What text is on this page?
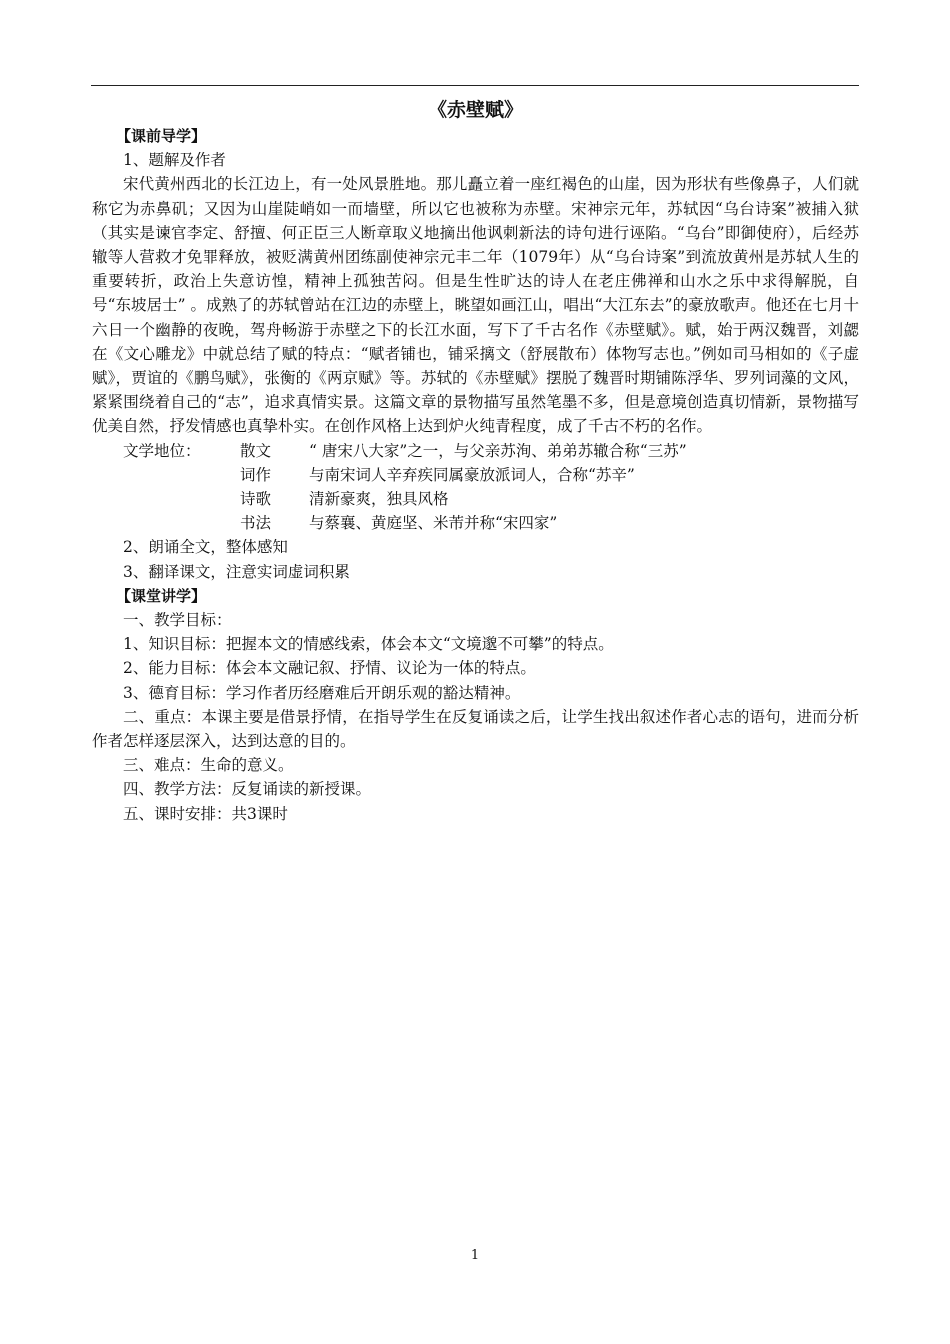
《赤壁赋》
【课前导学】
1、题解及作者
宋代黄州西北的长江边上，有一处风景胜地。那儿矗立着一座红褐色的山崖，因为形状有些像鼻子，人们就称它为赤鼻矶；又因为山崖陡峭如一而墙壁，所以它也被称为赤壁。宋神宗元年，苏轼因“乌台诗案”被捕入狱（其实是谏官李定、舒擅、何正臣三人断章取义地摘出他讽刺新法的诗句进行诬陷。“乌台”即御使府），后经苏辙等人营救才免罪释放，被贬满黄州团练副使神宗元丰二年（1079年）从“乌台诗案”到流放黄州是苏轼人生的重要转折，政治上失意访惶，精神上孤独苦闷。但是生性旷达的诗人在老庄佛禅和山水之乐中求得解脱，自号“东坡居士” 。成熟了的苏轼曾站在江边的赤壁上，眺望如画江山，唱出“大江东去”的豪放歌声。他还在七月十六日一个幽静的夜晚，驾舟畅游于赤壁之下的长江水面，写下了千古名作《赤壁赋》。赋，始于两汉魏晋，刘勰在《文心雕龙》中就总结了赋的特点：“赋者铺也，铺采摛文（舒展散布）体物写志也。”例如司马相如的《子虚赋》，贾谊的《鹏鸟赋》，张衡的《两京赋》等。苏轼的《赤壁赋》摆脱了魏晋时期铺陈浮华、罗列词藻的文风，紧紧围绕着自己的“志”，追求真情实景。这篇文章的景物描写虽然笔墨不多，但是意境创造真切情新，景物描写优美自然，抒发情感也真挚朴实。在创作风格上达到炉火纯青程度，成了千古不朽的名作。
文学地位：	散文	“ 唐宋八大家”之一，与父亲苏洵、弟弟苏辙合称“三苏”
词作	与南宋词人辛弃疾同属豪放派词人，合称“苏辛”
诗歌	清新豪爽，独具风格
书法	与蔡襄、黄庭坚、米芾并称“宋四家”
2、朗诵全文，整体感知
3、翻译课文，注意实词虚词积累
【课堂讲学】
一、教学目标：
1、知识目标：把握本文的情感线索，体会本文“文境邈不可攀”的特点。
2、能力目标：体会本文融记叙、抒情、议论为一体的特点。
3、德育目标：学习作者历经磨难后开朗乐观的豁达精神。
二、重点：本课主要是借景抒情，在指导学生在反复诵读之后，让学生找出叙述作者心志的语句，进而分析作者怎样逐层深入，达到达意的目的。
三、难点：生命的意义。
四、教学方法：反复诵读的新授课。
五、课时安排：共3课时
1
